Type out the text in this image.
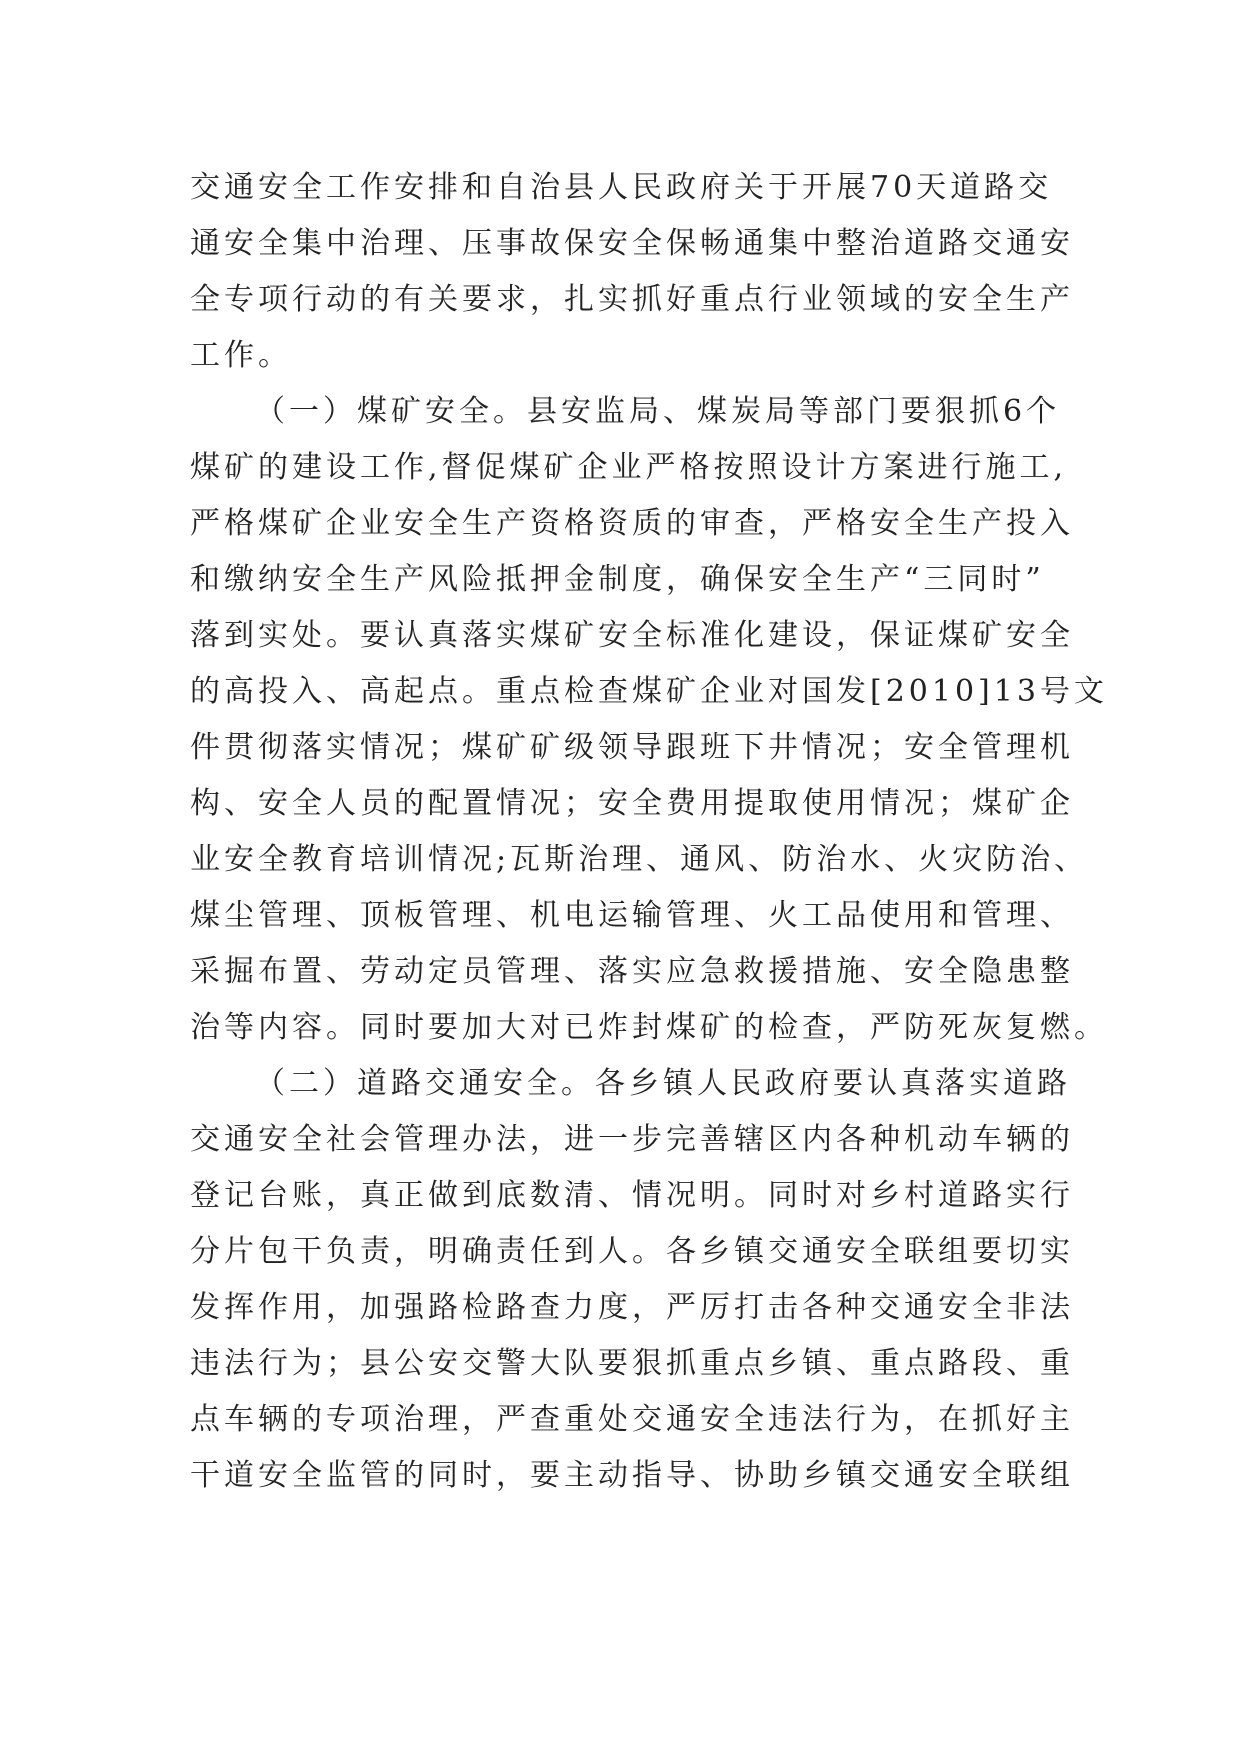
交通安全工作安排和自治县人民政府关于开展70天道路交
通安全集中治理、压事故保安全保畅通集中整治道路交通安
全专项行动的有关要求，扎实抓好重点行业领域的安全生产
工作。
（一）煤矿安全。县安监局、煤炭局等部门要狠抓6个
煤矿的建设工作,督促煤矿企业严格按照设计方案进行施工,
严格煤矿企业安全生产资格资质的审查，严格安全生产投入
和缴纳安全生产风险抵押金制度，确保安全生产“三同时”
落到实处。要认真落实煤矿安全标准化建设，保证煤矿安全
的高投入、高起点。重点检查煤矿企业对国发[2010]13号文
件贯彻落实情况；煤矿矿级领导跟班下井情况；安全管理机
构、安全人员的配置情况；安全费用提取使用情况；煤矿企
业安全教育培训情况;瓦斯治理、通风、防治水、火灾防治、
煤尘管理、顶板管理、机电运输管理、火工品使用和管理、
采掘布置、劳动定员管理、落实应急救援措施、安全隐患整
治等内容。同时要加大对已炸封煤矿的检查，严防死灰复燃。
（二）道路交通安全。各乡镇人民政府要认真落实道路
交通安全社会管理办法，进一步完善辖区内各种机动车辆的
登记台账，真正做到底数清、情况明。同时对乡村道路实行
分片包干负责，明确责任到人。各乡镇交通安全联组要切实
发挥作用，加强路检路查力度，严厉打击各种交通安全非法
违法行为；县公安交警大队要狠抓重点乡镇、重点路段、重
点车辆的专项治理，严查重处交通安全违法行为，在抓好主
干道安全监管的同时，要主动指导、协助乡镇交通安全联组
